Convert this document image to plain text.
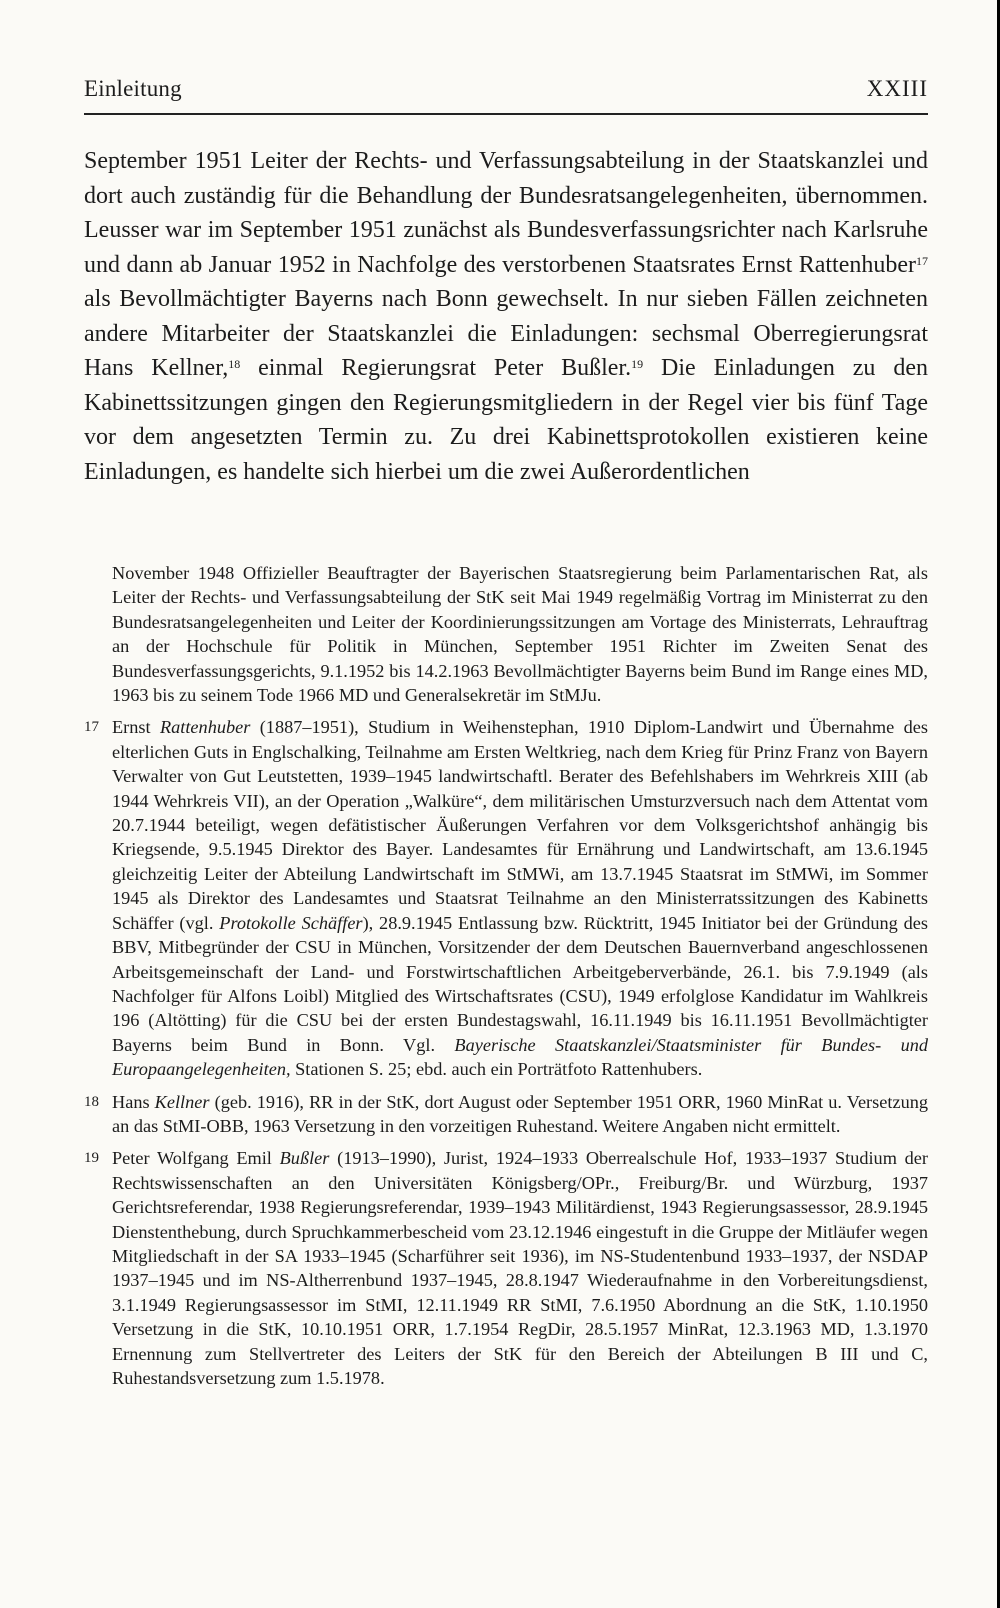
Einleitung	XXIII

September 1951 Leiter der Rechts- und Verfassungsabteilung in der Staatskanzlei und dort auch zuständig für die Behandlung der Bundesratsangelegenheiten, übernommen. Leusser war im September 1951 zunächst als Bundesverfassungsrichter nach Karlsruhe und dann ab Januar 1952 in Nachfolge des verstorbenen Staatsrates Ernst Rattenhuber$^{17}$ als Bevollmächtigter Bayerns nach Bonn gewechselt. In nur sieben Fällen zeichneten andere Mitarbeiter der Staatskanzlei die Einladungen: sechsmal Oberregierungsrat Hans Kellner,$^{18}$ einmal Regierungsrat Peter Bußler.$^{19}$ Die Einladungen zu den Kabinettssitzungen gingen den Regierungsmitgliedern in der Regel vier bis fünf Tage vor dem angesetzten Termin zu. Zu drei Kabinettsprotokollen existieren keine Einladungen, es handelte sich hierbei um die zwei Außerordentlichen

November 1948 Offizieller Beauftragter der Bayerischen Staatsregierung beim Parlamentarischen Rat, als Leiter der Rechts- und Verfassungsabteilung der StK seit Mai 1949 regelmäßig Vortrag im Ministerrat zu den Bundesratsangelegenheiten und Leiter der Koordinierungssitzungen am Vortage des Ministerrats, Lehrauftrag an der Hochschule für Politik in München, September 1951 Richter im Zweiten Senat des Bundesverfassungsgerichts, 9.1.1952 bis 14.2.1963 Bevollmächtigter Bayerns beim Bund im Range eines MD, 1963 bis zu seinem Tode 1966 MD und Generalsekretär im StMJu.

17 Ernst Rattenhuber (1887–1951), Studium in Weihenstephan, 1910 Diplom-Landwirt und Übernahme des elterlichen Guts in Englschalking, Teilnahme am Ersten Weltkrieg, nach dem Krieg für Prinz Franz von Bayern Verwalter von Gut Leutstetten, 1939–1945 landwirtschaftl. Berater des Befehlshabers im Wehrkreis XIII (ab 1944 Wehrkreis VII), an der Operation „Walküre“, dem militärischen Umsturzversuch nach dem Attentat vom 20.7.1944 beteiligt, wegen defätistischer Äußerungen Verfahren vor dem Volksgerichtshof anhängig bis Kriegsende, 9.5.1945 Direktor des Bayer. Landesamtes für Ernährung und Landwirtschaft, am 13.6.1945 gleichzeitig Leiter der Abteilung Landwirtschaft im StMWi, am 13.7.1945 Staatsrat im StMWi, im Sommer 1945 als Direktor des Landesamtes und Staatsrat Teilnahme an den Ministerratssitzungen des Kabinetts Schäffer (vgl. Protokolle Schäffer), 28.9.1945 Entlassung bzw. Rücktritt, 1945 Initiator bei der Gründung des BBV, Mitbegründer der CSU in München, Vorsitzender der dem Deutschen Bauernverband angeschlossenen Arbeitsgemeinschaft der Land- und Forstwirtschaftlichen Arbeitgeberverbände, 26.1. bis 7.9.1949 (als Nachfolger für Alfons Loibl) Mitglied des Wirtschaftsrates (CSU), 1949 erfolglose Kandidatur im Wahlkreis 196 (Altötting) für die CSU bei der ersten Bundestagswahl, 16.11.1949 bis 16.11.1951 Bevollmächtigter Bayerns beim Bund in Bonn. Vgl. Bayerische Staatskanzlei/Staatsminister für Bundes- und Europaangelegenheiten, Stationen S. 25; ebd. auch ein Porträtfoto Rattenhubers.

18 Hans Kellner (geb. 1916), RR in der StK, dort August oder September 1951 ORR, 1960 MinRat u. Versetzung an das StMI-OBB, 1963 Versetzung in den vorzeitigen Ruhestand. Weitere Angaben nicht ermittelt.

19 Peter Wolfgang Emil Bußler (1913–1990), Jurist, 1924–1933 Oberrealschule Hof, 1933–1937 Studium der Rechtswissenschaften an den Universitäten Königsberg/OPr., Freiburg/Br. und Würzburg, 1937 Gerichtsreferendar, 1938 Regierungsreferendar, 1939–1943 Militärdienst, 1943 Regierungsassessor, 28.9.1945 Dienstenthebung, durch Spruchkammerbescheid vom 23.12.1946 eingestuft in die Gruppe der Mitläufer wegen Mitgliedschaft in der SA 1933–1945 (Scharführer seit 1936), im NS-Studentenbund 1933–1937, der NSDAP 1937–1945 und im NS-Altherrenbund 1937–1945, 28.8.1947 Wiederaufnahme in den Vorbereitungsdienst, 3.1.1949 Regierungsassessor im StMI, 12.11.1949 RR StMI, 7.6.1950 Abordnung an die StK, 1.10.1950 Versetzung in die StK, 10.10.1951 ORR, 1.7.1954 RegDir, 28.5.1957 MinRat, 12.3.1963 MD, 1.3.1970 Ernennung zum Stellvertreter des Leiters der StK für den Bereich der Abteilungen B III und C, Ruhestandsversetzung zum 1.5.1978.
